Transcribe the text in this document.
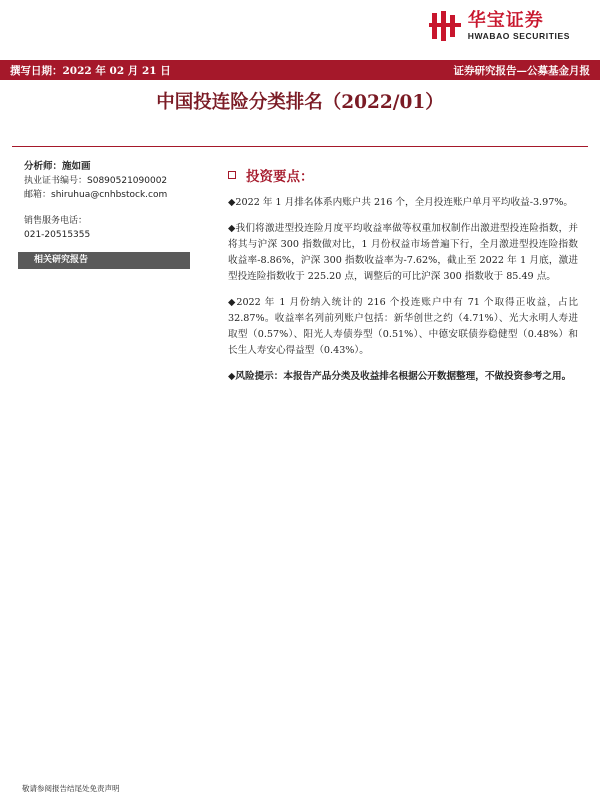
华宝证券
HWABAO SECURITIES
撰写日期：2022 年 02 月 21 日	证券研究报告—公募基金月报
中国投连险分类排名（2022/01）
分析师：施如画
执业证书编号：S0890521090002
邮箱：shiruhua@cnhbstock.com
销售服务电话：
021-20515355
相关研究报告
投资要点：

◆2022 年 1 月排名体系内账户共 216 个，全月投连账户单月平均收益-3.97%。

◆我们将激进型投连险月度平均收益率做等权重加权制作出激进型投连险指数，并将其与沪深 300 指数做对比，1 月份权益市场普遍下行，全月激进型投连险指数收益率-8.86%，沪深 300 指数收益率为-7.62%，截止至 2022 年 1 月底，激进型投连险指数收于 225.20 点，调整后的可比沪深 300 指数收于 85.49 点。

◆2022 年 1 月份纳入统计的 216 个投连账户中有 71 个取得正收益，占比 32.87%。收益率名列前列账户包括：新华创世之约（4.71%）、光大永明人寿进取型（0.57%）、阳光人寿债券型（0.51%）、中德安联债券稳健型（0.48%）和长生人寿安心得益型（0.43%）。

◆风险提示：本报告产品分类及收益排名根据公开数据整理，不做投资参考之用。

敬请参阅报告结尾处免责声明
